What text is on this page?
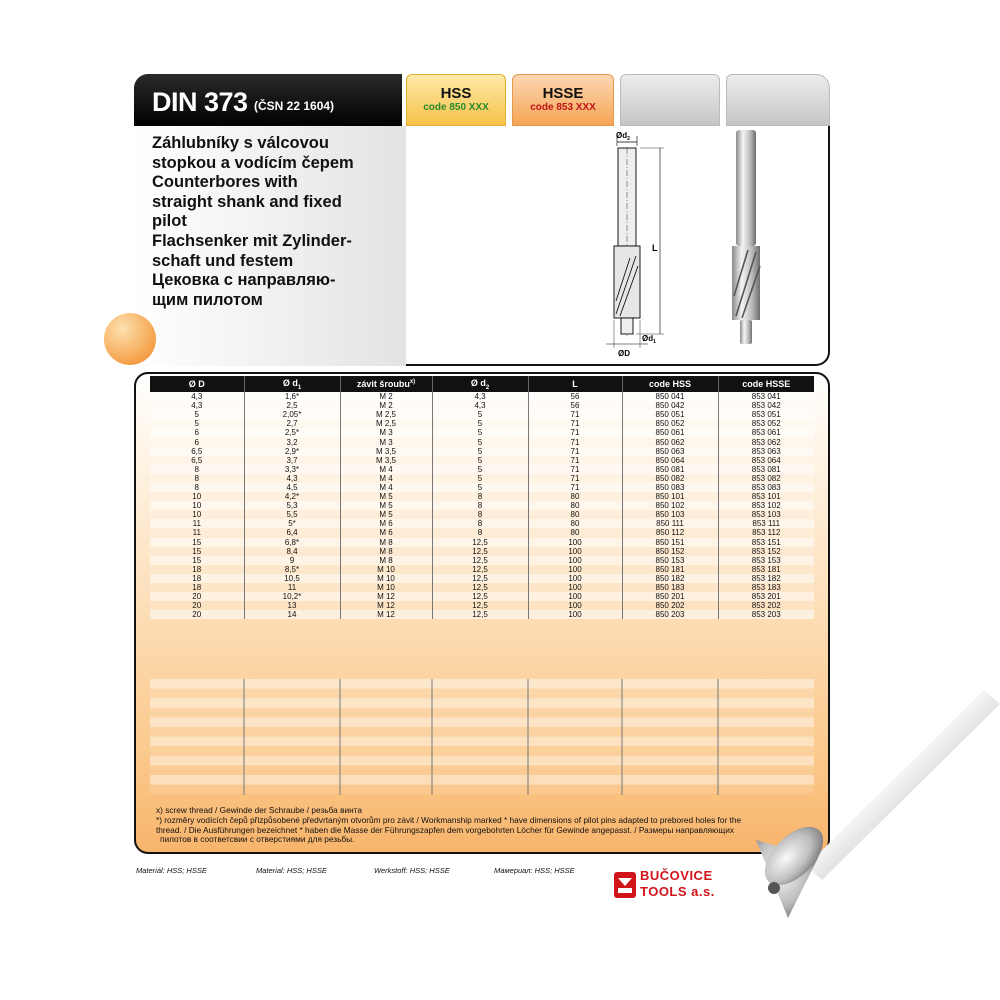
DIN 373 (ČSN 22 1604)
HSS
code 850 XXX
HSSE
code 853 XXX
Záhlubníky s válcovou
stopkou a vodícím čepem
Counterbores with
straight shank and fixed
pilot
Flachsenker mit Zylinder-
schaft und festem
Цековка с направляю-
щим пилотом
$Ød_2$
L
ØD
$Ød_1$
Ø D	Ø $d_1$	závit šroubu$^{x)}$	Ø $d_2$	L	code HSS	code HSSE
4,3	1,6*	M 2	4,3	56	850 041	853 041
4,3	2,5	M 2	4,3	56	850 042	853 042
5	2,05*	M 2,5	5	71	850 051	853 051
5	2,7	M 2,5	5	71	850 052	853 052
6	2,5*	M 3	5	71	850 061	853 061
6	3,2	M 3	5	71	850 062	853 062
6,5	2,9*	M 3,5	5	71	850 063	853 063
6,5	3,7	M 3,5	5	71	850 064	853 064
8	3,3*	M 4	5	71	850 081	853 081
8	4,3	M 4	5	71	850 082	853 082
8	4,5	M 4	5	71	850 083	853 083
10	4,2*	M 5	8	80	850 101	853 101
10	5,3	M 5	8	80	850 102	853 102
10	5,5	M 5	8	80	850 103	853 103
11	5*	M 6	8	80	850 111	853 111
11	6,4	M 6	8	80	850 112	853 112
15	6,8*	M 8	12,5	100	850 151	853 151
15	8,4	M 8	12,5	100	850 152	853 152
15	9	M 8	12,5	100	850 153	853 153
18	8,5*	M 10	12,5	100	850 181	853 181
18	10,5	M 10	12,5	100	850 182	853 182
18	11	M 10	12,5	100	850 183	853 183
20	10,2*	M 12	12,5	100	850 201	853 201
20	13	M 12	12,5	100	850 202	853 202
20	14	M 12	12,5	100	850 203	853 203
x) screw thread / Gewinde der Schraube / резьба винта
*) rozměry vodících čepů přizpůsobené předvrtaným otvorům pro závit / Workmanship marked * have dimensions of pilot pins adapted to prebored holes for the
thread. / Die Ausführungen bezeichnet * haben die Masse der Führungszapfen dem vorgebohrten Löcher für Gewinde angepasst. / Размеры направляющих
пилотов в соответсвии с отверстиями для резьбы.
Materiál: HSS; HSSE	Material: HSS; HSSE	Werkstoff: HSS; HSSE	Мамериал: HSS; HSSE	BUČOVICE
TOOLS a.s.
